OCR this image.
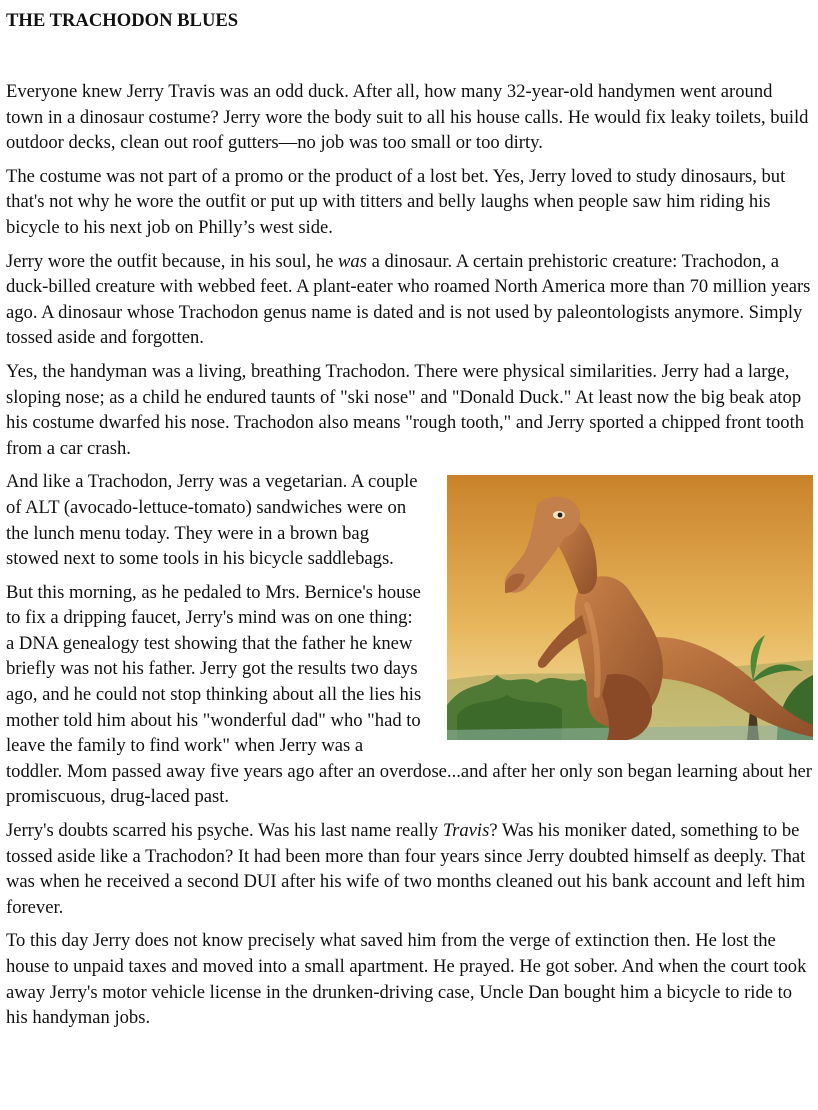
THE TRACHODON BLUES

Everyone knew Jerry Travis was an odd duck. After all, how many 32-year-old handymen went around town in a dinosaur costume? Jerry wore the body suit to all his house calls. He would fix leaky toilets, build outdoor decks, clean out roof gutters—no job was too small or too dirty.

The costume was not part of a promo or the product of a lost bet. Yes, Jerry loved to study dinosaurs, but that's not why he wore the outfit or put up with titters and belly laughs when people saw him riding his bicycle to his next job on Philly’s west side.

Jerry wore the outfit because, in his soul, he was a dinosaur. A certain prehistoric creature: Trachodon, a duck-billed creature with webbed feet. A plant-eater who roamed North America more than 70 million years ago. A dinosaur whose Trachodon genus name is dated and is not used by paleontologists anymore. Simply tossed aside and forgotten.

Yes, the handyman was a living, breathing Trachodon. There were physical similarities. Jerry had a large, sloping nose; as a child he endured taunts of "ski nose" and "Donald Duck." At least now the big beak atop his costume dwarfed his nose. Trachodon also means "rough tooth," and Jerry sported a chipped front tooth from a car crash.

And like a Trachodon, Jerry was a vegetarian. A couple of ALT (avocado-lettuce-tomato) sandwiches were on the lunch menu today. They were in a brown bag stowed next to some tools in his bicycle saddlebags.

But this morning, as he pedaled to Mrs. Bernice's house to fix a dripping faucet, Jerry's mind was on one thing: a DNA genealogy test showing that the father he knew briefly was not his father. Jerry got the results two days ago, and he could not stop thinking about all the lies his mother told him about his "wonderful dad" who "had to leave the family to find work" when Jerry was a toddler. Mom passed away five years ago after an overdose...and after her only son began learning about her promiscuous, drug-laced past.

Jerry's doubts scarred his psyche. Was his last name really Travis? Was his moniker dated, something to be tossed aside like a Trachodon? It had been more than four years since Jerry doubted himself as deeply. That was when he received a second DUI after his wife of two months cleaned out his bank account and left him forever.

To this day Jerry does not know precisely what saved him from the verge of extinction then. He lost the house to unpaid taxes and moved into a small apartment. He prayed. He got sober. And when the court took away Jerry's motor vehicle license in the drunken-driving case, Uncle Dan bought him a bicycle to ride to his handyman jobs.
